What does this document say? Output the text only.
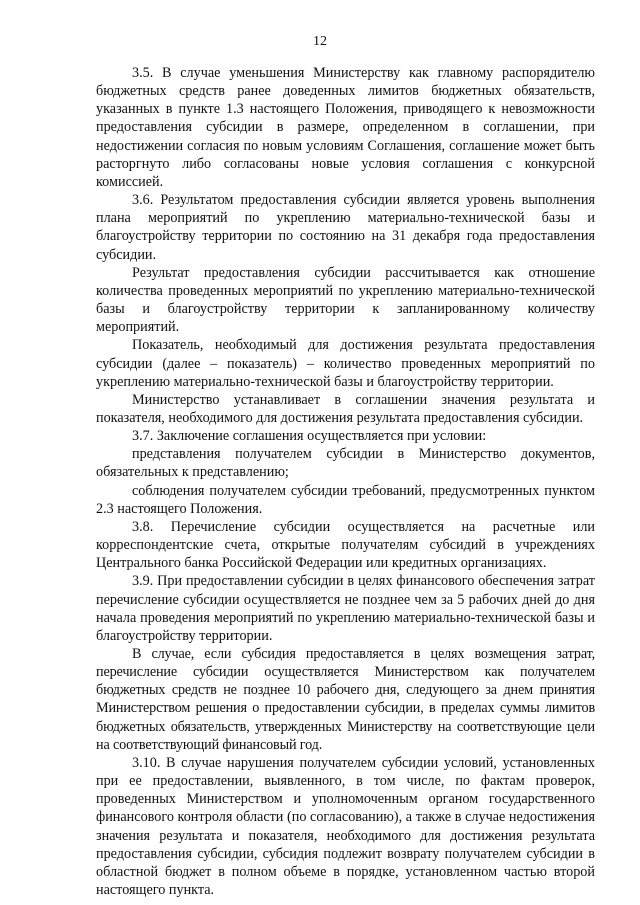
12

3.5. В случае уменьшения Министерству как главному распорядителю бюджетных средств ранее доведенных лимитов бюджетных обязательств, указанных в пункте 1.3 настоящего Положения, приводящего к невозможности предоставления субсидии в размере, определенном в соглашении, при недостижении согласия по новым условиям Соглашения, соглашение может быть расторгнуто либо согласованы новые условия соглашения с конкурсной комиссией.

3.6. Результатом предоставления субсидии является уровень выполнения плана мероприятий по укреплению материально-технической базы и благоустройству территории по состоянию на 31 декабря года предоставления субсидии.

Результат предоставления субсидии рассчитывается как отношение количества проведенных мероприятий по укреплению материально-технической базы и благоустройству территории к запланированному количеству мероприятий.

Показатель, необходимый для достижения результата предоставления субсидии (далее – показатель) – количество проведенных мероприятий по укреплению материально-технической базы и благоустройству территории.

Министерство устанавливает в соглашении значения результата и показателя, необходимого для достижения результата предоставления субсидии.

3.7. Заключение соглашения осуществляется при условии:

представления получателем субсидии в Министерство документов, обязательных к представлению;

соблюдения получателем субсидии требований, предусмотренных пунктом 2.3 настоящего Положения.

3.8. Перечисление субсидии осуществляется на расчетные или корреспондентские счета, открытые получателям субсидий в учреждениях Центрального банка Российской Федерации или кредитных организациях.

3.9. При предоставлении субсидии в целях финансового обеспечения затрат перечисление субсидии осуществляется не позднее чем за 5 рабочих дней до дня начала проведения мероприятий по укреплению материально-технической базы и благоустройству территории.

В случае, если субсидия предоставляется в целях возмещения затрат, перечисление субсидии осуществляется Министерством как получателем бюджетных средств не позднее 10 рабочего дня, следующего за днем принятия Министерством решения о предоставлении субсидии, в пределах суммы лимитов бюджетных обязательств, утвержденных Министерству на соответствующие цели на соответствующий финансовый год.

3.10. В случае нарушения получателем субсидии условий, установленных при ее предоставлении, выявленного, в том числе, по фактам проверок, проведенных Министерством и уполномоченным органом государственного финансового контроля области (по согласованию), а также в случае недостижения значения результата и показателя, необходимого для достижения результата предоставления субсидии, субсидия подлежит возврату получателем субсидии в областной бюджет в полном объеме в порядке, установленном частью второй настоящего пункта.
